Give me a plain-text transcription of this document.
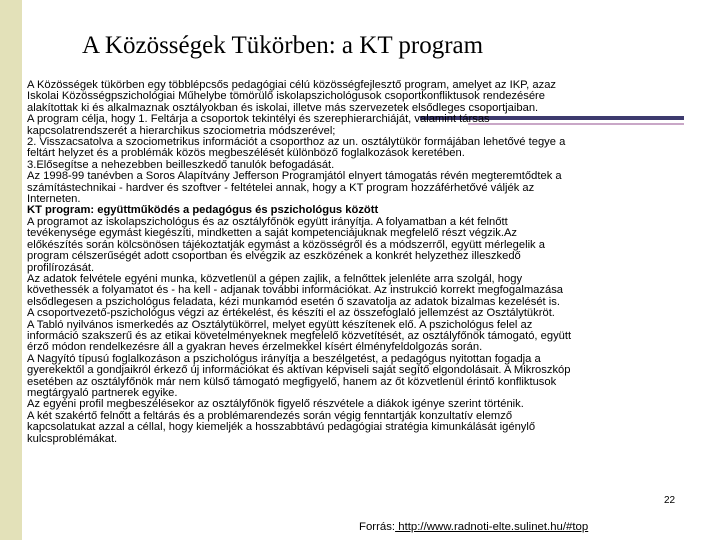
A Közösségek Tükörben: a KT program

A Közösségek tükörben egy többlépcsős pedagógiai célú közösségfejlesztő program, amelyet az IKP, azaz
Iskolai Közösségpszichológiai Műhelybe tömörülő iskolapszichológusok csoportkonfliktusok rendezésére
alakítottak ki és alkalmaznak osztályokban és iskolai, illetve más szervezetek elsődleges csoportjaiban.

A program célja, hogy 1. Feltárja a csoportok tekintélyi és szerephierarchiáját, valamint társas
kapcsolatrendszerét a hierarchikus szociometria módszerével;

2. Visszacsatolva a szociometrikus információt a csoporthoz az un. osztálytükör formájában lehetővé tegye a
feltárt helyzet és a problémák közös megbeszélését különböző foglalkozások keretében.

3.Elősegítse a nehezebben beilleszkedő tanulók befogadását.

Az 1998-99 tanévben a Soros Alapítvány Jefferson Programjától elnyert támogatás révén megteremtődtek a
számítástechnikai - hardver és szoftver - feltételei annak, hogy a KT program hozzáférhetővé váljék az
Interneten.

KT program: együttműködés a pedagógus és pszichológus között

A programot az iskolapszichológus és az osztályfőnök együtt irányítja. A folyamatban a két felnőtt
tevékenysége egymást kiegészíti, mindketten a saját kompetenciájuknak megfelelő részt végzik.Az
előkészítés során kölcsönösen tájékoztatják egymást a közösségről és a módszerről, együtt mérlegelik a
program célszerűségét adott csoportban és elvégzik az eszközének a konkrét helyzethez illeszkedő
profilírozását.

Az adatok felvétele egyéni munka, közvetlenül a gépen zajlik, a felnőttek jelenléte arra szolgál, hogy
követhessék a folyamatot és - ha kell - adjanak további információkat. Az instrukció korrekt megfogalmazása
elsődlegesen a pszichológus feladata, kézi munkamód esetén ő szavatolja az adatok bizalmas kezelését is.

A csoportvezető-pszichológus végzi az értékelést, és készíti el az összefoglaló jellemzést az Osztálytükröt.

A Tabló nyilvános ismerkedés az Osztálytükörrel, melyet együtt készítenek elő. A pszichológus felel az
információ szakszerű és az etikai követelményeknek megfelelő közvetítését, az osztályfőnök támogató, együtt
érző módon rendelkezésre áll a gyakran heves érzelmekkel kísért élményfeldolgozás során.

A Nagyító típusú foglalkozáson a pszichológus irányítja a beszélgetést, a pedagógus nyitottan fogadja a
gyerekektől a gondjaikról érkező új információkat és aktívan képviseli saját segítő elgondolásait. A Mikroszkóp
esetében az osztályfőnök már nem külső támogató megfigyelő, hanem az őt közvetlenül érintő konfliktusok
megtárgyaló partnerek egyike.

Az egyéni profil megbeszélésekor az osztályfőnök figyelő részvétele a diákok igénye szerint történik.

A két szakértő felnőtt a feltárás és a problémarendezés során végig fenntartják konzultatív elemző
kapcsolatukat azzal a céllal, hogy kiemeljék a hosszabbtávú pedagógiai stratégia kimunkálását igénylő
kulcsproblémákat.

22
Forrás: http://www.radnoti-elte.sulinet.hu/#top
